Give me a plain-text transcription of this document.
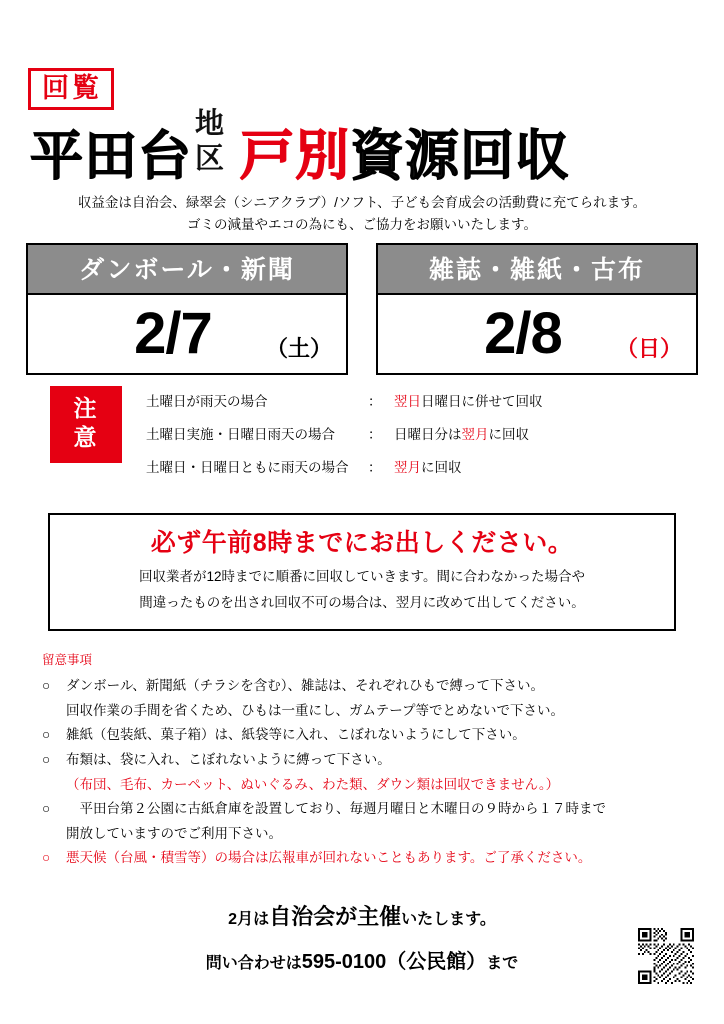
回覧
平田台
地
区 戸別 資源回収
収益金は自治会、緑翠会（シニアクラブ）/ソフト、子ども会育成会の活動費に充てられます。
ゴミの減量やエコの為にも、ご協力をお願いいたします。
ダンボール・新聞
2/7 （土）
雑誌・雑紙・古布
2/8 （日）
注
意
土曜日が雨天の場合	： 翌日日曜日に併せて回収
土曜日実施・日曜日雨天の場合	： 日曜日分は翌月に回収
土曜日・日曜日ともに雨天の場合	： 翌月に回収
必ず午前8時までにお出しください。
回収業者が12時までに順番に回収していきます。間に合わなかった場合や
間違ったものを出され回収不可の場合は、翌月に改めて出してください。
留意事項
○	ダンボール、新聞紙（チラシを含む）、雑誌は、それぞれひもで縛って下さい。
回収作業の手間を省くため、ひもは一重にし、ガムテープ等でとめないで下さい。
○	雑紙（包装紙、菓子箱）は、紙袋等に入れ、こぼれないようにして下さい。
○	布類は、袋に入れ、こぼれないように縛って下さい。
（布団、毛布、カーペット、ぬいぐるみ、わた類、ダウン類は回収できません。）
○	　平田台第２公園に古紙倉庫を設置しており、毎週月曜日と木曜日の９時から１７時まで
開放していますのでご利用下さい。
○	悪天候（台風・積雪等）の場合は広報車が回れないこともあります。ご了承ください。
2月は自治会が主催いたします。
問い合わせは595-0100（公民館）まで
